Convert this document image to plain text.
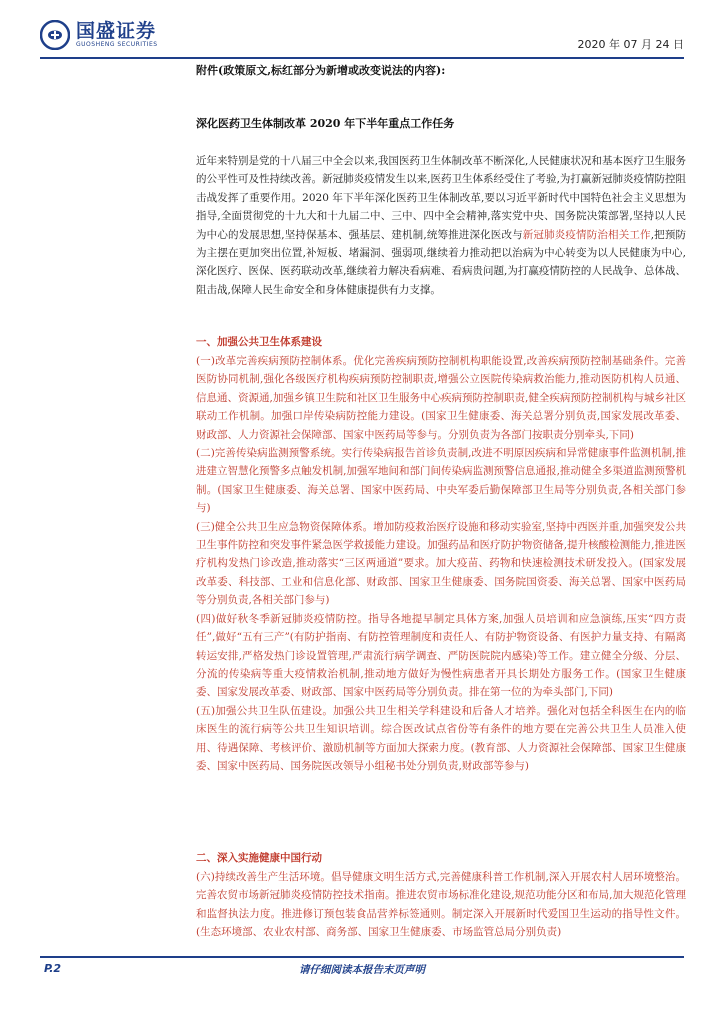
国盛证券
GUOSHENG SECURITIES	2020 年 07 月 24 日
附件(政策原文,标红部分为新增或改变说法的内容):
深化医药卫生体制改革 2020 年下半年重点工作任务
近年来特别是党的十八届三中全会以来,我国医药卫生体制改革不断深化,人民健康状况和基本医疗卫生服务的公平性可及性持续改善。新冠肺炎疫情发生以来,医药卫生体系经受住了考验,为打赢新冠肺炎疫情防控阻击战发挥了重要作用。2020 年下半年深化医药卫生体制改革,要以习近平新时代中国特色社会主义思想为指导,全面贯彻党的十九大和十九届二中、三中、四中全会精神,落实党中央、国务院决策部署,坚持以人民为中心的发展思想,坚持保基本、强基层、建机制,统筹推进深化医改与新冠肺炎疫情防治相关工作,把预防为主摆在更加突出位置,补短板、堵漏洞、强弱项,继续着力推动把以治病为中心转变为以人民健康为中心,深化医疗、医保、医药联动改革,继续着力解决看病难、看病贵问题,为打赢疫情防控的人民战争、总体战、阻击战,保障人民生命安全和身体健康提供有力支撑。
一、加强公共卫生体系建设

(一)改革完善疾病预防控制体系。优化完善疾病预防控制机构职能设置,改善疾病预防控制基础条件。完善医防协同机制,强化各级医疗机构疾病预防控制职责,增强公立医院传染病救治能力,推动医防机构人员通、信息通、资源通,加强乡镇卫生院和社区卫生服务中心疾病预防控制职责,健全疾病预防控制机构与城乡社区联动工作机制。加强口岸传染病防控能力建设。(国家卫生健康委、海关总署分别负责,国家发展改革委、财政部、人力资源社会保障部、国家中医药局等参与。分别负责为各部门按职责分别牵头,下同)

(二)完善传染病监测预警系统。实行传染病报告首诊负责制,改进不明原因疾病和异常健康事件监测机制,推进建立智慧化预警多点触发机制,加强军地间和部门间传染病监测预警信息通报,推动健全多渠道监测预警机制。(国家卫生健康委、海关总署、国家中医药局、中央军委后勤保障部卫生局等分别负责,各相关部门参与)

(三)健全公共卫生应急物资保障体系。增加防疫救治医疗设施和移动实验室,坚持中西医并重,加强突发公共卫生事件防控和突发事件紧急医学救援能力建设。加强药品和医疗防护物资储备,提升核酸检测能力,推进医疗机构发热门诊改造,推动落实“三区两通道”要求。加大疫苗、药物和快速检测技术研发投入。(国家发展改革委、科技部、工业和信息化部、财政部、国家卫生健康委、国务院国资委、海关总署、国家中医药局等分别负责,各相关部门参与)

(四)做好秋冬季新冠肺炎疫情防控。指导各地提早制定具体方案,加强人员培训和应急演练,压实“四方责任”,做好“五有三产”(有防护指南、有防控管理制度和责任人、有防护物资设备、有医护力量支持、有隔离转运安排,严格发热门诊设置管理,严肃流行病学调查、严防医院院内感染)等工作。建立健全分级、分层、分流的传染病等重大疫情救治机制,推动地方做好为慢性病患者开具长期处方服务工作。(国家卫生健康委、国家发展改革委、财政部、国家中医药局等分别负责。排在第一位的为牵头部门,下同)

(五)加强公共卫生队伍建设。加强公共卫生相关学科建设和后备人才培养。强化对包括全科医生在内的临床医生的流行病等公共卫生知识培训。综合医改试点省份等有条件的地方要在完善公共卫生人员准入使用、待遇保障、考核评价、激励机制等方面加大探索力度。(教育部、人力资源社会保障部、国家卫生健康委、国家中医药局、国务院医改领导小组秘书处分别负责,财政部等参与)

二、深入实施健康中国行动

(六)持续改善生产生活环境。倡导健康文明生活方式,完善健康科普工作机制,深入开展农村人居环境整治。完善农贸市场新冠肺炎疫情防控技术指南。推进农贸市场标准化建设,规范功能分区和布局,加大规范化管理和监督执法力度。推进修订预包装食品营养标签通则。制定深入开展新时代爱国卫生运动的指导性文件。(生态环境部、农业农村部、商务部、国家卫生健康委、市场监管总局分别负责)

P.2	请仔细阅读本报告末页声明
